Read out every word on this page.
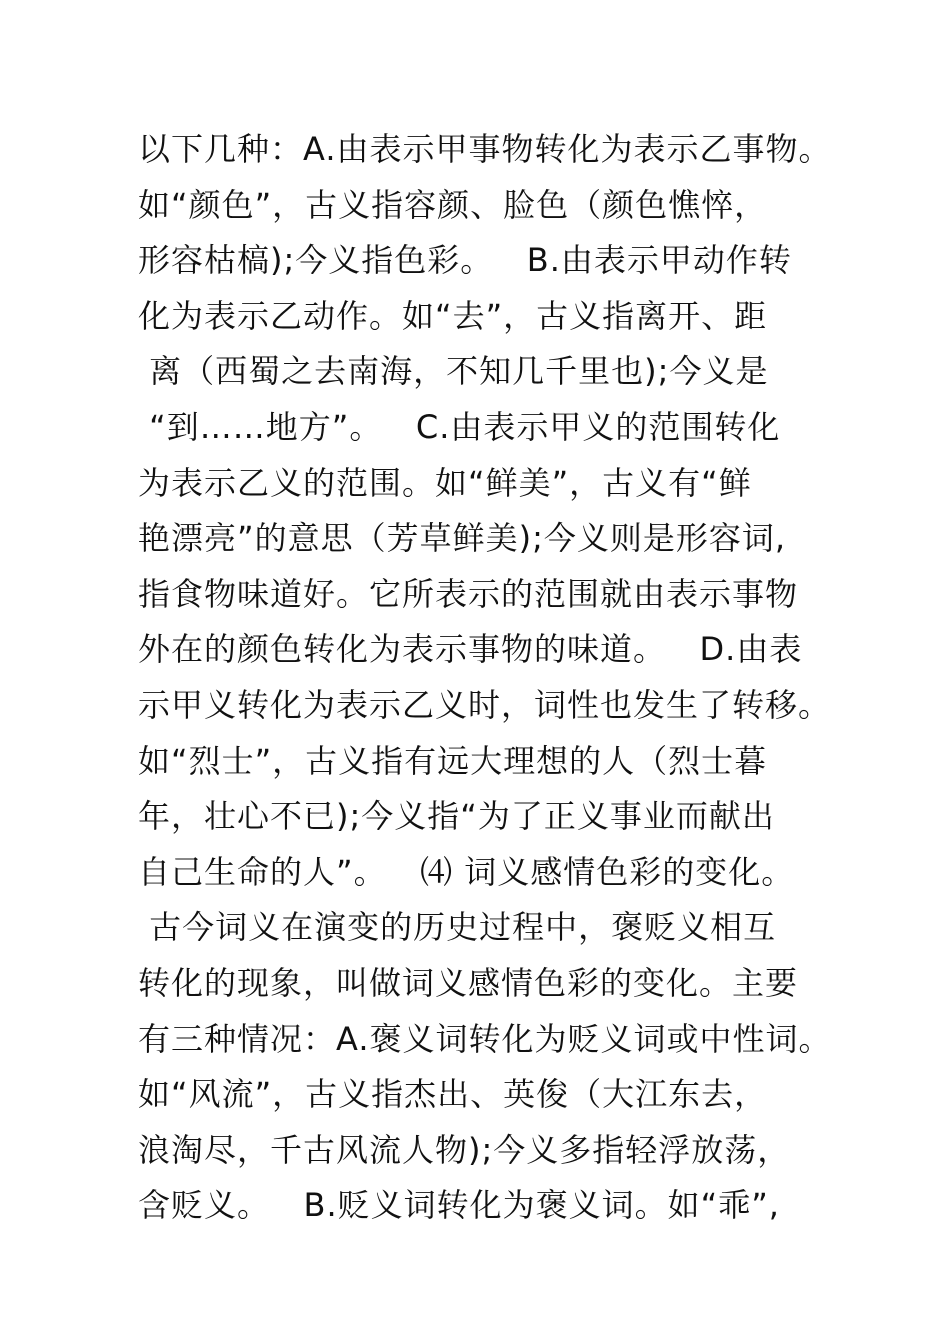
以下几种：A.由表示甲事物转化为表示乙事物。
如“颜色”，古义指容颜、脸色（颜色憔悴，
形容枯槁);今义指色彩。   B.由表示甲动作转
化为表示乙动作。如“去”，古义指离开、距
离（西蜀之去南海，不知几千里也);今义是
“到……地方”。   C.由表示甲义的范围转化
为表示乙义的范围。如“鲜美”，古义有“鲜
艳漂亮”的意思（芳草鲜美);今义则是形容词,
指食物味道好。它所表示的范围就由表示事物
外在的颜色转化为表示事物的味道。   D.由表
示甲义转化为表示乙义时，词性也发生了转移。
如“烈士”，古义指有远大理想的人（烈士暮
年，壮心不已);今义指“为了正义事业而献出
自己生命的人”。   ⑷ 词义感情色彩的变化。
古今词义在演变的历史过程中，褒贬义相互
转化的现象，叫做词义感情色彩的变化。主要
有三种情况：A.褒义词转化为贬义词或中性词。
如“风流”，古义指杰出、英俊（大江东去，
浪淘尽，千古风流人物);今义多指轻浮放荡，
含贬义。   B.贬义词转化为褒义词。如“乖”,
